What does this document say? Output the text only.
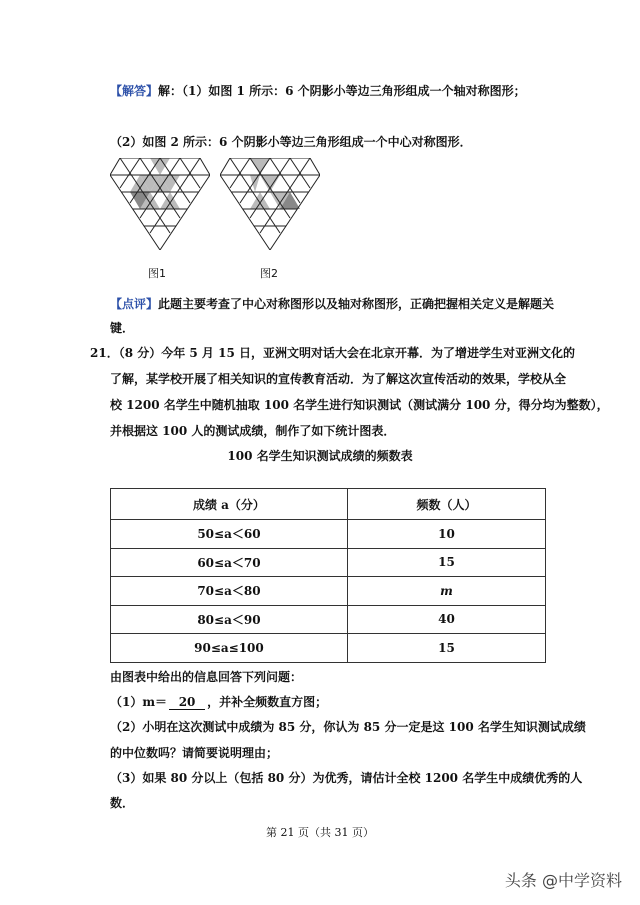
【解答】解：（1）如图 1 所示：6 个阴影小等边三角形组成一个轴对称图形；
（2）如图 2 所示：6 个阴影小等边三角形组成一个中心对称图形．
图1	图2
【点评】此题主要考查了中心对称图形以及轴对称图形，正确把握相关定义是解题关
键．
21．（8 分）今年 5 月 15 日，亚洲文明对话大会在北京开幕．为了增进学生对亚洲文化的
了解，某学校开展了相关知识的宣传教育活动．为了解这次宣传活动的效果，学校从全
校 1200 名学生中随机抽取 100 名学生进行知识测试（测试满分 100 分，得分均为整数），
并根据这 100 人的测试成绩，制作了如下统计图表．
100 名学生知识测试成绩的频数表
成绩 a（分）	频数（人）
50≤a＜60	10
60≤a＜70	15
70≤a＜80	m
80≤a＜90	40
90≤a≤100	15
由图表中给出的信息回答下列问题：
（1）m＝ 20 ，并补全频数直方图；
（2）小明在这次测试中成绩为 85 分，你认为 85 分一定是这 100 名学生知识测试成绩
的中位数吗？请简要说明理由；
（3）如果 80 分以上（包括 80 分）为优秀，请估计全校 1200 名学生中成绩优秀的人
数．
第 21 页（共 31 页）
头条 @中学资料
